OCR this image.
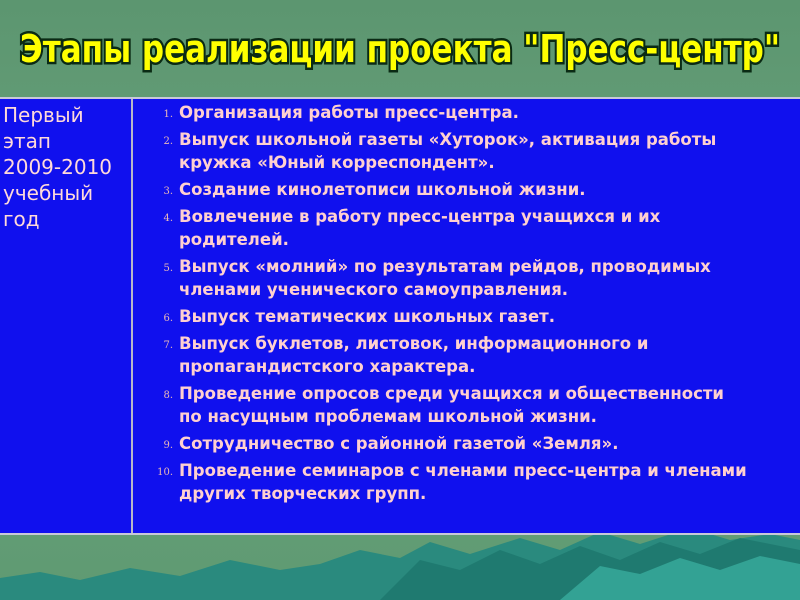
Этапы реализации проекта "Пресс-центр"
Первый
этап
2009-2010
учебный
год
1. Организация работы пресс-центра.
2. Выпуск школьной газеты «Хуторок», активация работы
кружка «Юный корреспондент».
3. Создание кинолетописи школьной жизни.
4. Вовлечение в работу пресс-центра учащихся и их
родителей.
5. Выпуск «молний» по результатам рейдов, проводимых
членами ученического самоуправления.
6. Выпуск тематических школьных газет.
7. Выпуск буклетов, листовок, информационного и
пропагандистского характера.
8. Проведение опросов среди учащихся и общественности
по насущным проблемам школьной жизни.
9. Сотрудничество с районной газетой «Земля».
10. Проведение семинаров с членами пресс-центра и членами
других творческих групп.
